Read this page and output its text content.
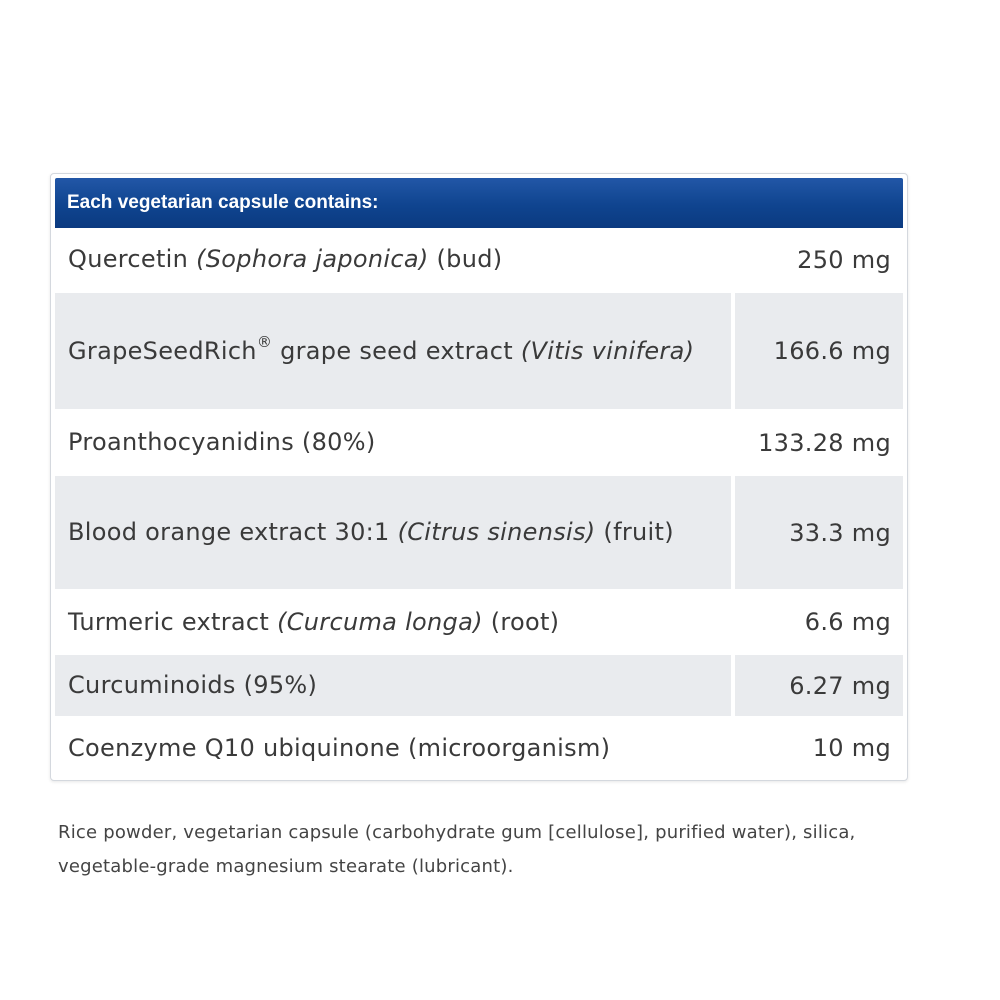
Each vegetarian capsule contains:
Quercetin (Sophora japonica) (bud)	250 mg
GrapeSeedRich® grape seed extract (Vitis vinifera)	166.6 mg
Proanthocyanidins (80%)	133.28 mg
Blood orange extract 30:1 (Citrus sinensis) (fruit)	33.3 mg
Turmeric extract (Curcuma longa) (root)	6.6 mg
Curcuminoids (95%)	6.27 mg
Coenzyme Q10 ubiquinone (microorganism)	10 mg
Rice powder, vegetarian capsule (carbohydrate gum [cellulose], purified water), silica, vegetable-grade magnesium stearate (lubricant).
